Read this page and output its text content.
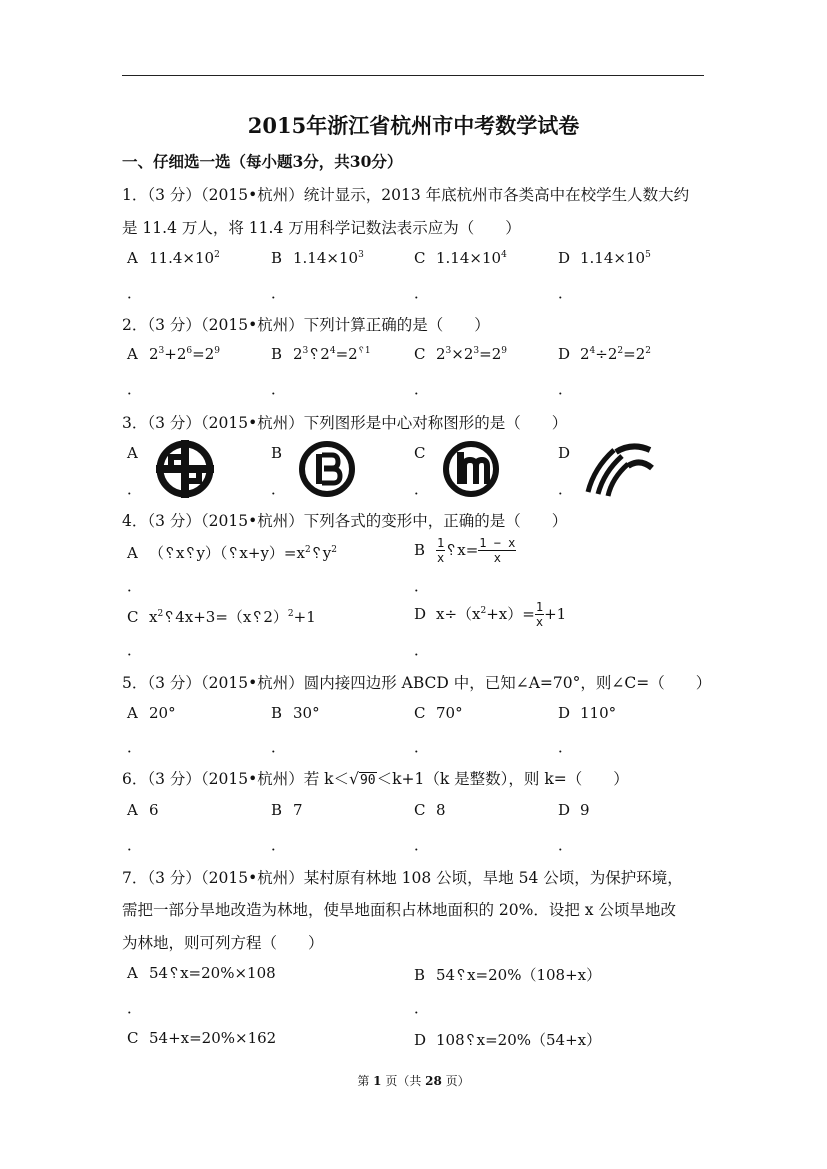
2015年浙江省杭州市中考数学试卷
一、仔细选一选（每小题3分，共30分）
1．（3 分）（2015•杭州）统计显示，2013 年底杭州市各类高中在校学生人数大约
是 11.4 万人，将 11.4 万用科学记数法表示应为（　　）
A $11.4\times 10^2$	B $1.14\times 10^3$	C $1.14\times 10^4$	D $1.14\times 10^5$
．	．	．	．
2．（3 分）（2015•杭州）下列计算正确的是（　　）
A $2^3+2^6=2^9$	B $2^3␦2^4=2^{␦1}$	C $2^3\times 2^3=2^9$	D $2^4\div 2^2=2^2$
．	．	．	．
3．（3 分）（2015•杭州）下列图形是中心对称图形的是（　　）
A	B	C	D
．	．	．	．
4．（3 分）（2015•杭州）下列各式的变形中，正确的是（　　）
A $(␦x␦y)(␦x+y)=x^2␦y^2$	B $\frac{1}{x}$ ␦x= $\frac{1 - x}{x}$
．	．
C $x^2␦4x+3=(x␦2)^2+1$	D $x\div(x^2+x)= \frac{1}{x} +1$
．	．
5．（3 分）（2015•杭州）圆内接四边形 ABCD 中，已知∠A=70°，则∠C=（　　）
A 20°	B 30°	C 70°	D 110°
．	．	．	．
6．（3 分）（2015•杭州）若 k＜√90＜k+1（k 是整数），则 k=（　　）
A 6	B 7	C 8	D 9
．	．	．	．
7．（3 分）（2015•杭州）某村原有林地 108 公顷，旱地 54 公顷，为保护环境，
需把一部分旱地改造为林地，使旱地面积占林地面积的 20%．设把 x 公顷旱地改
为林地，则可列方程（　　）
A 54␦x=20%×108	B 54␦x=20%（108+x）
．	．
C 54+x=20%×162	D 108␦x=20%（54+x）
第 1 页（共 28 页）
